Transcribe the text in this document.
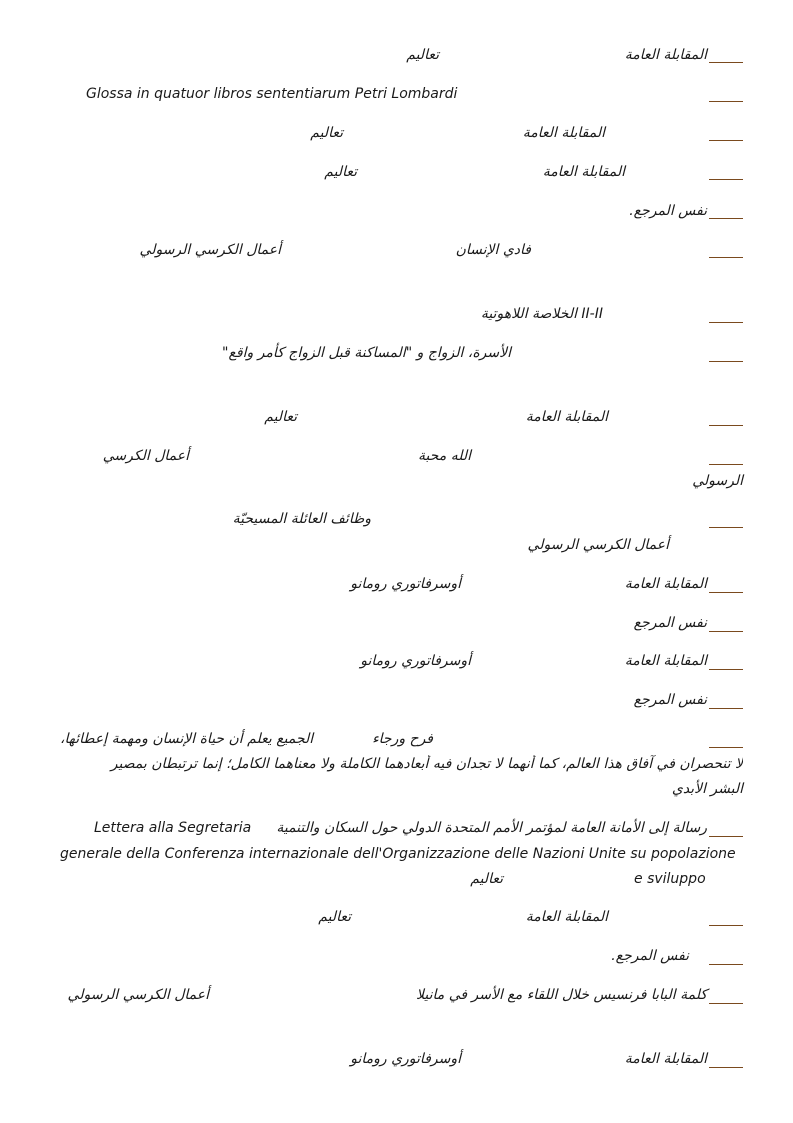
المقابلة العامة
تعاليم
Glossa in quatuor libros sententiarum Petri Lombardi
المقابلة العامة
تعاليم
المقابلة العامة
تعاليم
نفس المرجع.
فادي الإنسان
أعمال الكرسي الرسولي
الخلاصة اللاهوتية II-II
الأسرة، الزواج و "المساكنة قبل الزواج كأمر واقع"
المقابلة العامة
تعاليم
الله محبة
أعمال الكرسي
الرسولي
وظائف العائلة المسيحيّة
أعمال الكرسي الرسولي
المقابلة العامة
أوسرفاتوري رومانو
نفس المرجع
المقابلة العامة
أوسرفاتوري رومانو
نفس المرجع
فرح ورجاء
الجميع يعلم أن حياة الإنسان ومهمة إعطائها،
لا تنحصران في آفاق هذا العالم، كما أنهما لا تجدان فيه أبعادهما الكاملة ولا معناهما الكامل؛ إنما ترتبطان بمصير
البشر الأبدي
رسالة إلى الأمانة العامة لمؤتمر الأمم المتحدة الدولي حول السكان والتنمية
Lettera alla Segretaria
generale della Conferenza internazionale dell'Organizzazione delle Nazioni Unite su popolazione
e sviluppo
تعاليم
المقابلة العامة
تعاليم
نفس المرجع.
كلمة البابا فرنسيس خلال اللقاء مع الأسر في مانيلا
أعمال الكرسي الرسولي
المقابلة العامة
أوسرفاتوري رومانو
